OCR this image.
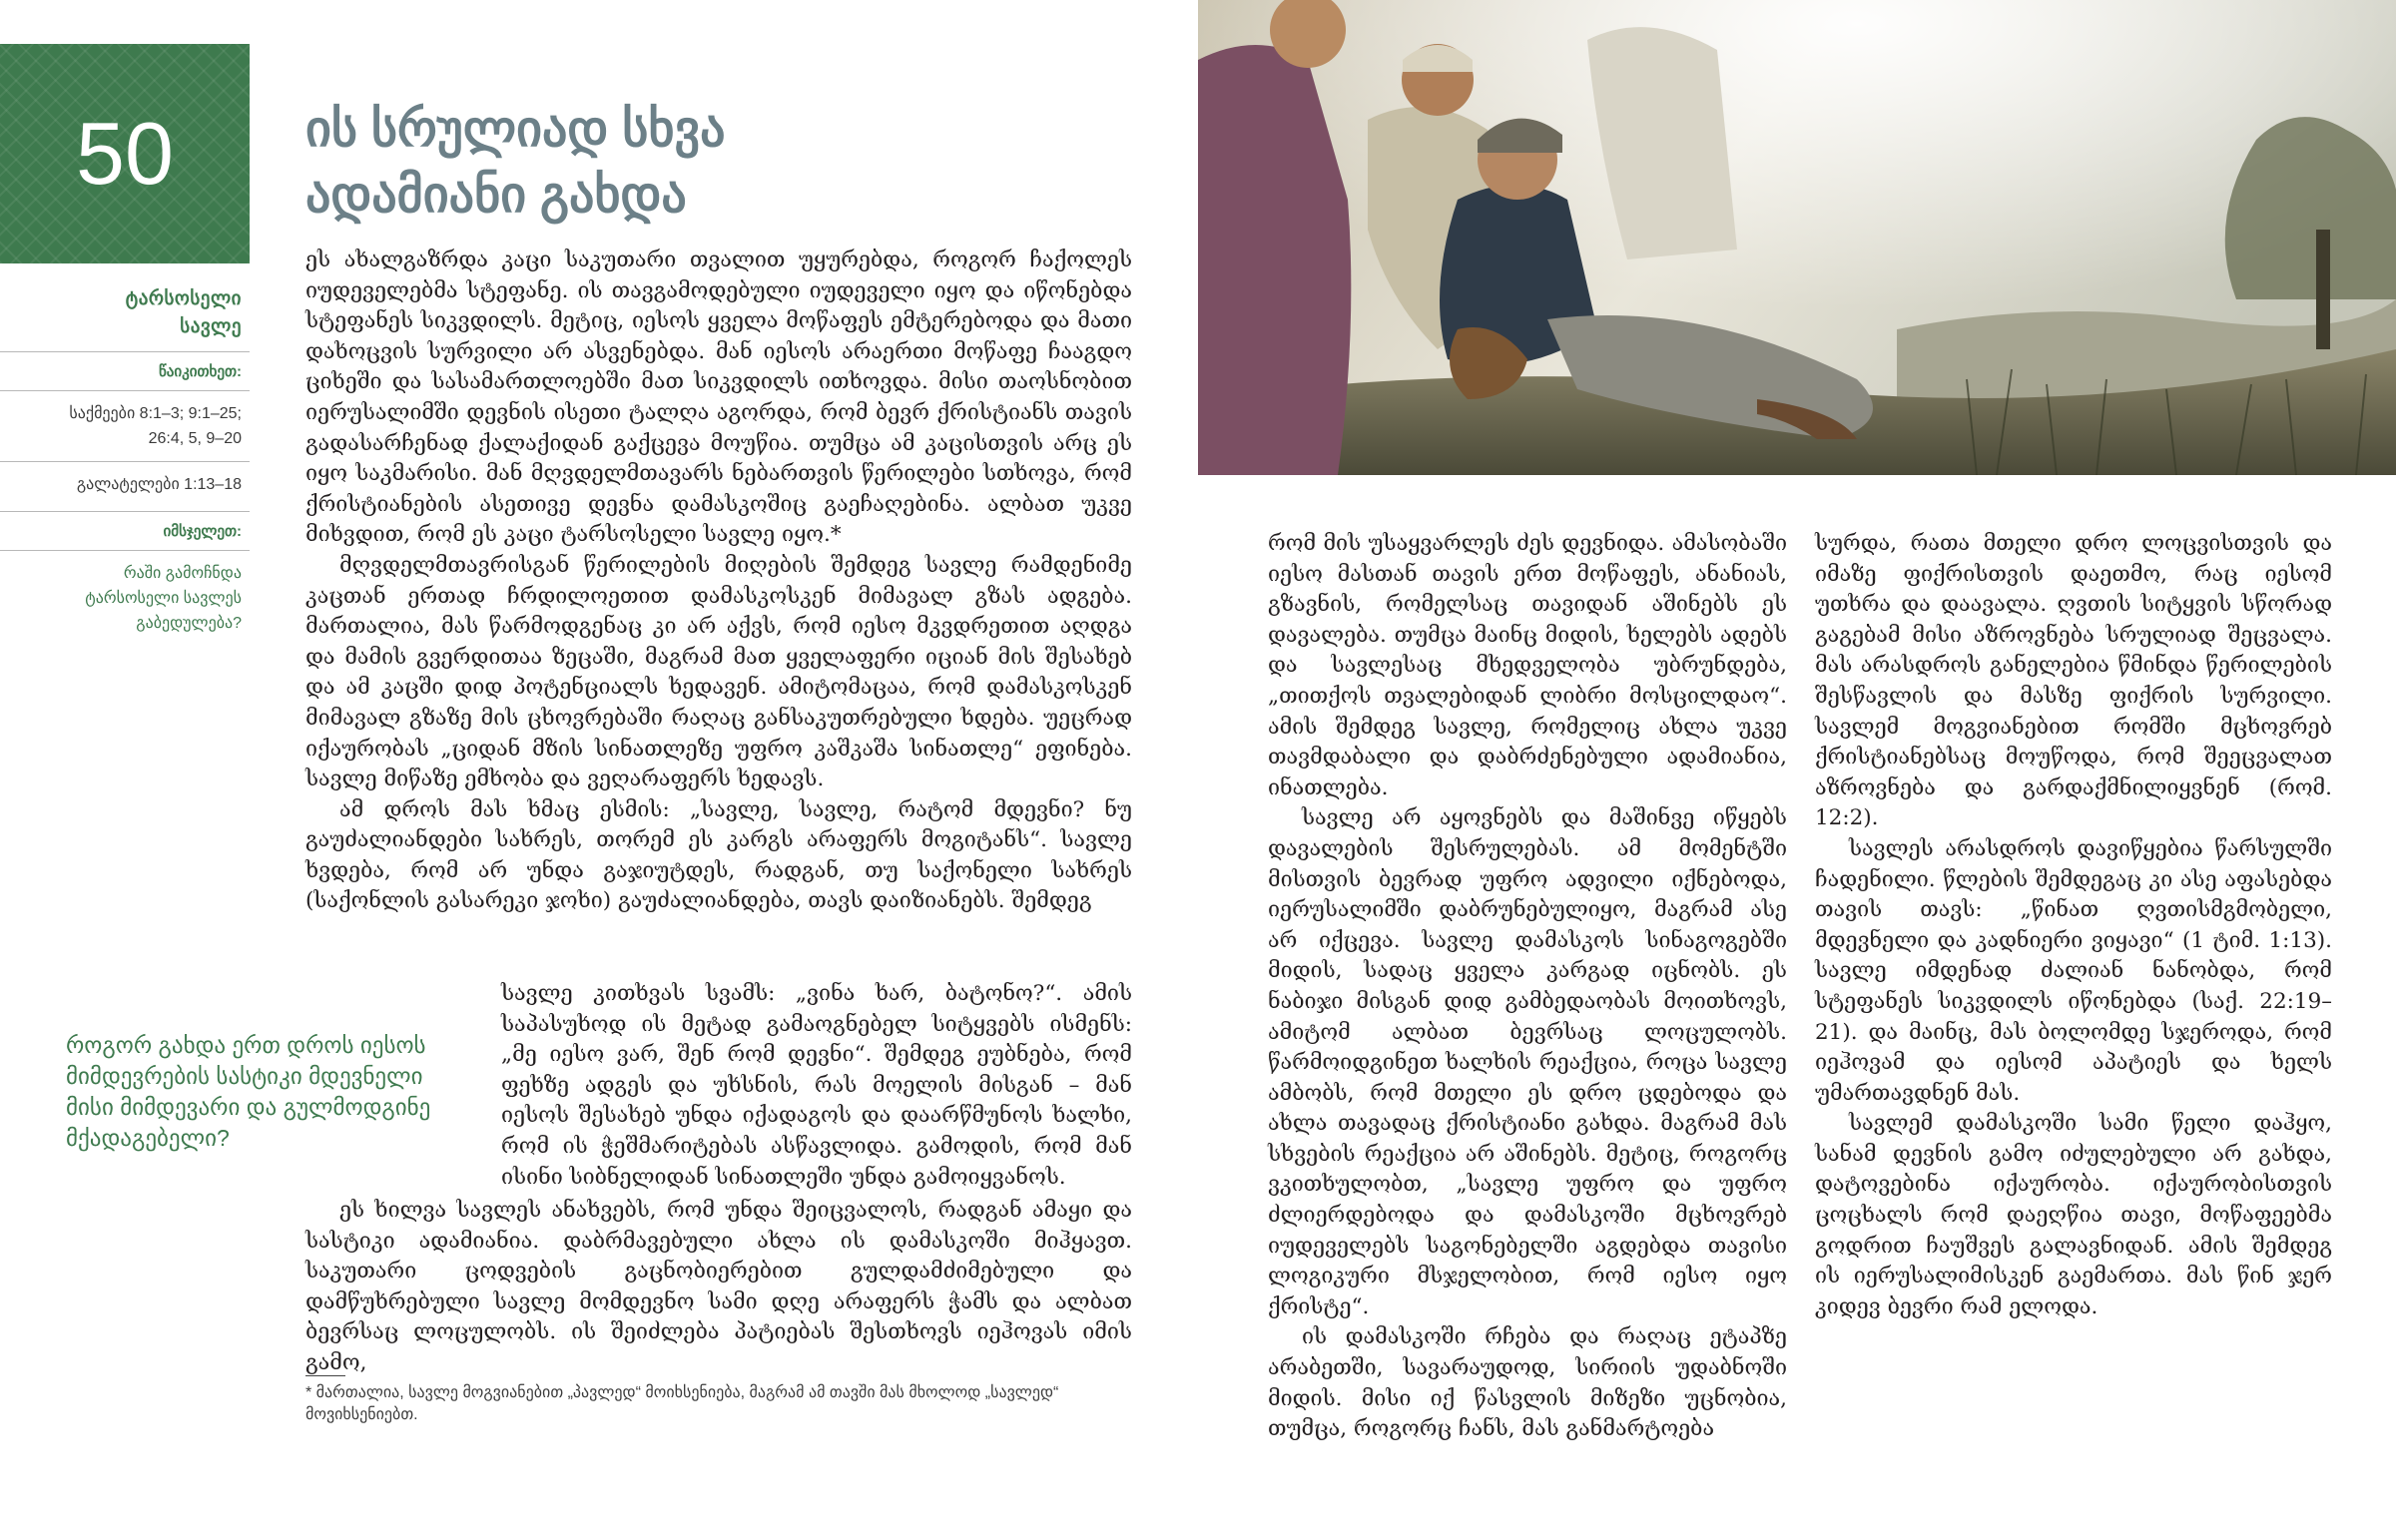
50
ტარსოსელი
სავლე
წაიკითხეთ:
საქმეები 8:1–3; 9:1–25;
26:4, 5, 9–20
გალატელები 1:13–18
იმსჯელეთ:
რაში გამოჩნდა
ტარსოსელი სავლეს
გაბედულება?
ის სრულიად სხვა
ადამიანი გახდა

ეს ახალგაზრდა კაცი საკუთარი თვალით უყურებდა, როგორ ჩაქოლეს იუდეველებმა სტეფანე. ის თავგამოდებული იუდეველი იყო და იწონებდა სტეფანეს სიკვდილს. მეტიც, იესოს ყველა მოწაფეს ემტერებოდა და მათი დახოცვის სურვილი არ ასვენებდა. მან იესოს არაერთი მოწაფე ჩააგდო ციხეში და სასამართლოებში მათ სიკვდილს ითხოვდა. მისი თაოსნობით იერუსალიმში დევნის ისეთი ტალღა აგორდა, რომ ბევრ ქრისტიანს თავის გადასარჩენად ქალაქიდან გაქცევა მოუწია. თუმცა ამ კაცისთვის არც ეს იყო საკმარისი. მან მღვდელმთავარს ნებართვის წერილები სთხოვა, რომ ქრისტიანების ასეთივე დევნა დამასკოშიც გაეჩაღებინა. ალბათ უკვე მიხვდით, რომ ეს კაცი ტარსოსელი სავლე იყო.*

მღვდელმთავრისგან წერილების მიღების შემდეგ სავლე რამდენიმე კაცთან ერთად ჩრდილოეთით დამასკოსკენ მიმავალ გზას ადგება. მართალია, მას წარმოდგენაც კი არ აქვს, რომ იესო მკვდრეთით აღდგა და მამის გვერდითაა ზეცაში, მაგრამ მათ ყველაფერი იციან მის შესახებ და ამ კაცში დიდ პოტენციალს ხედავენ. ამიტომაცაა, რომ დამასკოსკენ მიმავალ გზაზე მის ცხოვრებაში რაღაც განსაკუთრებული ხდება. უეცრად იქაურობას „ციდან მზის სინათლეზე უფრო კაშკაშა სინათლე“ ეფინება. სავლე მიწაზე ემხობა და ვეღარაფერს ხედავს.

ამ დროს მას ხმაც ესმის: „სავლე, სავლე, რატომ მდევნი? ნუ გაუძალიანდები სახრეს, თორემ ეს კარგს არაფერს მოგიტანს“. სავლე ხვდება, რომ არ უნდა გაჯიუტდეს, რადგან, თუ საქონელი სახრეს (საქონლის გასარეკი ჯოხი) გაუძალიანდება, თავს დაიზიანებს. შემდეგ

სავლე კითხვას სვამს: „ვინა ხარ, ბატონო?“. ამის საპასუხოდ ის მეტად გამაოგნებელ სიტყვებს ისმენს: „მე იესო ვარ, შენ რომ დევნი“. შემდეგ ეუბნება, რომ ფეხზე ადგეს და უხსნის, რას მოელის მისგან – მან იესოს შესახებ უნდა იქადაგოს და დაარწმუნოს ხალხი, რომ ის ჭეშმარიტებას ასწავლიდა. გამოდის, რომ მან ისინი სიბნელიდან სინათლეში უნდა გამოიყვანოს.

როგორ გახდა ერთ დროს იესოს მიმდევრების სასტიკი მდევნელი მისი მიმდევარი და გულმოდგინე მქადაგებელი?

ეს ხილვა სავლეს ანახვებს, რომ უნდა შეიცვალოს, რადგან ამაყი და სასტიკი ადამიანია. დაბრმავებული ახლა ის დამასკოში მიჰყავთ. საკუთარი ცოდვების გაცნობიერებით გულდამძიმებული და დამწუხრებული სავლე მომდევნო სამი დღე არაფერს ჭამს და ალბათ ბევრსაც ლოცულობს. ის შეიძლება პატიებას შესთხოვს იეჰოვას იმის გამო,

* მართალია, სავლე მოგვიანებით „პავლედ“ მოიხსენიება, მაგრამ ამ თავში მას მხოლოდ „სავლედ“ მოვიხსენიებთ.

რომ მის უსაყვარლეს ძეს დევნიდა. ამასობაში იესო მასთან თავის ერთ მოწაფეს, ანანიას, გზავნის, რომელსაც თავიდან აშინებს ეს დავალება. თუმცა მაინც მიდის, ხელებს ადებს და სავლესაც მხედველობა უბრუნდება, „თითქოს თვალებიდან ლიბრი მოსცილდაო“. ამის შემდეგ სავლე, რომელიც ახლა უკვე თავმდაბალი და დაბრძენებული ადამიანია, ინათლება.

სავლე არ აყოვნებს და მაშინვე იწყებს დავალების შესრულებას. ამ მომენტში მისთვის ბევრად უფრო ადვილი იქნებოდა, იერუსალიმში დაბრუნებულიყო, მაგრამ ასე არ იქცევა. სავლე დამასკოს სინაგოგებში მიდის, სადაც ყველა კარგად იცნობს. ეს ნაბიჯი მისგან დიდ გამბედაობას მოითხოვს, ამიტომ ალბათ ბევრსაც ლოცულობს. წარმოიდგინეთ ხალხის რეაქცია, როცა სავლე ამბობს, რომ მთელი ეს დრო ცდებოდა და ახლა თავადაც ქრისტიანი გახდა. მაგრამ მას სხვების რეაქცია არ აშინებს. მეტიც, როგორც ვკითხულობთ, „სავლე უფრო და უფრო ძლიერდებოდა და დამასკოში მცხოვრებ იუდეველებს საგონებელში აგდებდა თავისი ლოგიკური მსჯელობით, რომ იესო იყო ქრისტე“.

ის დამასკოში რჩება და რაღაც ეტაპზე არაბეთში, სავარაუდოდ, სირიის უდაბნოში მიდის. მისი იქ წასვლის მიზეზი უცნობია, თუმცა, როგორც ჩანს, მას განმარტოება

სურდა, რათა მთელი დრო ლოცვისთვის და იმაზე ფიქრისთვის დაეთმო, რაც იესომ უთხრა და დაავალა. ღვთის სიტყვის სწორად გაგებამ მისი აზროვნება სრულიად შეცვალა. მას არასდროს განელებია წმინდა წერილების შესწავლის და მასზე ფიქრის სურვილი. სავლემ მოგვიანებით რომში მცხოვრებ ქრისტიანებსაც მოუწოდა, რომ შეეცვალათ აზროვნება და გარდაქმნილიყვნენ (რომ. 12:2).

სავლეს არასდროს დავიწყებია წარსულში ჩადენილი. წლების შემდეგაც კი ასე აფასებდა თავის თავს: „წინათ ღვთისმგმობელი, მდევნელი და კადნიერი ვიყავი“ (1 ტიმ. 1:13). სავლე იმდენად ძალიან ნანობდა, რომ სტეფანეს სიკვდილს იწონებდა (საქ. 22:19–21). და მაინც, მას ბოლომდე სჯეროდა, რომ იეჰოვამ და იესომ აპატიეს და ხელს უმართავდნენ მას.

სავლემ დამასკოში სამი წელი დაჰყო, სანამ დევნის გამო იძულებული არ გახდა, დატოვებინა იქაურობა. იქაურობისთვის ცოცხალს რომ დაეღწია თავი, მოწაფეებმა გოდრით ჩაუშვეს გალავნიდან. ამის შემდეგ ის იერუსალიმისკენ გაემართა. მას წინ ჯერ კიდევ ბევრი რამ ელოდა.
